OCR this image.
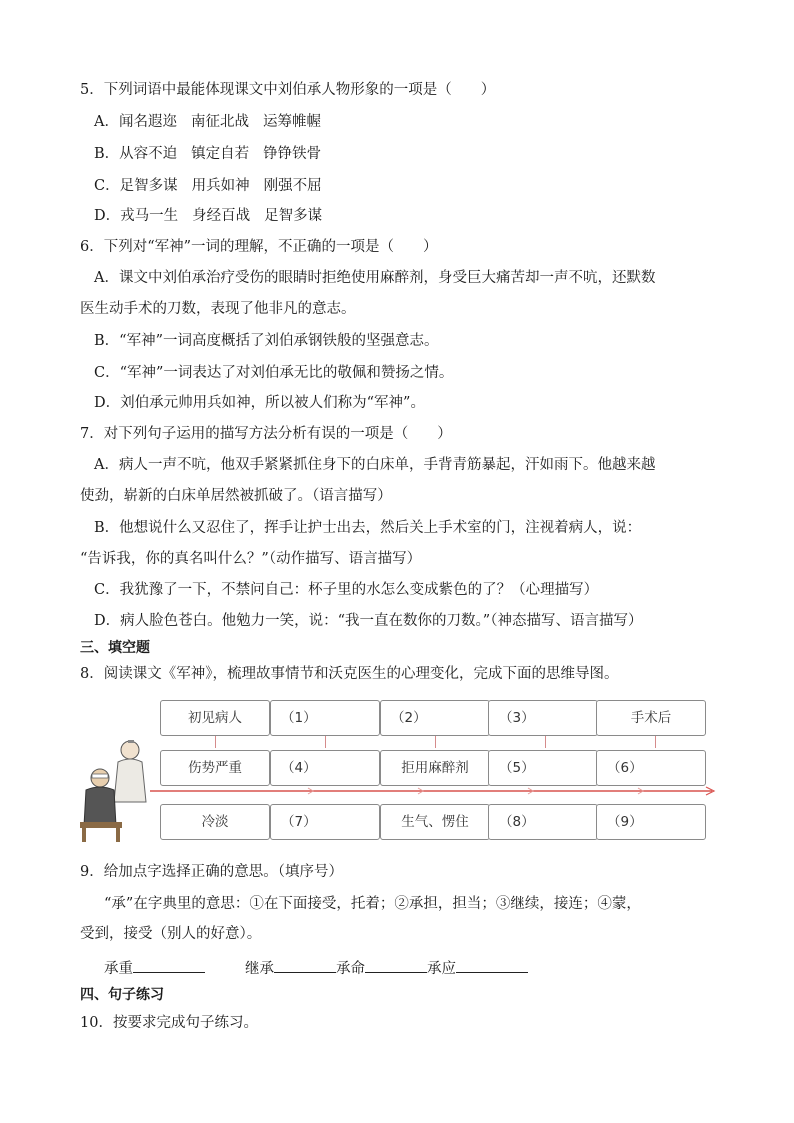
5．下列词语中最能体现课文中刘伯承人物形象的一项是（　　）
A．闻名遐迩 南征北战 运筹帷幄
B．从容不迫 镇定自若 铮铮铁骨
C．足智多谋 用兵如神 刚强不屈
D．戎马一生 身经百战 足智多谋
6．下列对“军神”一词的理解，不正确的一项是（　　）
A．课文中刘伯承治疗受伤的眼睛时拒绝使用麻醉剂，身受巨大痛苦却一声不吭，还默数
医生动手术的刀数，表现了他非凡的意志。
B．“军神”一词高度概括了刘伯承钢铁般的坚强意志。
C．“军神”一词表达了对刘伯承无比的敬佩和赞扬之情。
D．刘伯承元帅用兵如神，所以被人们称为“军神”。
7．对下列句子运用的描写方法分析有误的一项是（　　）
A．病人一声不吭，他双手紧紧抓住身下的白床单，手背青筋暴起，汗如雨下。他越来越
使劲，崭新的白床单居然被抓破了。（语言描写）
B．他想说什么又忍住了，挥手让护士出去，然后关上手术室的门，注视着病人，说：
“告诉我，你的真名叫什么？”（动作描写、语言描写）
C．我犹豫了一下，不禁问自己：杯子里的水怎么变成紫色的了？（心理描写）
D．病人脸色苍白。他勉力一笑，说：“我一直在数你的刀数。”（神态描写、语言描写）
三、填空题
8．阅读课文《军神》，梳理故事情节和沃克医生的心理变化，完成下面的思维导图。
初见病人	（1）	（2）	（3）	手术后
伤势严重	（4）	拒用麻醉剂	（5）	（6）
冷淡	（7）	生气、愣住	（8）	（9）
9．给加点字选择正确的意思。（填序号）
“承”在字典里的意思：①在下面接受，托着；②承担，担当；③继续，接连；④蒙，
受到，接受（别人的好意）。
承重	继承	承命	承应
四、句子练习
10．按要求完成句子练习。
